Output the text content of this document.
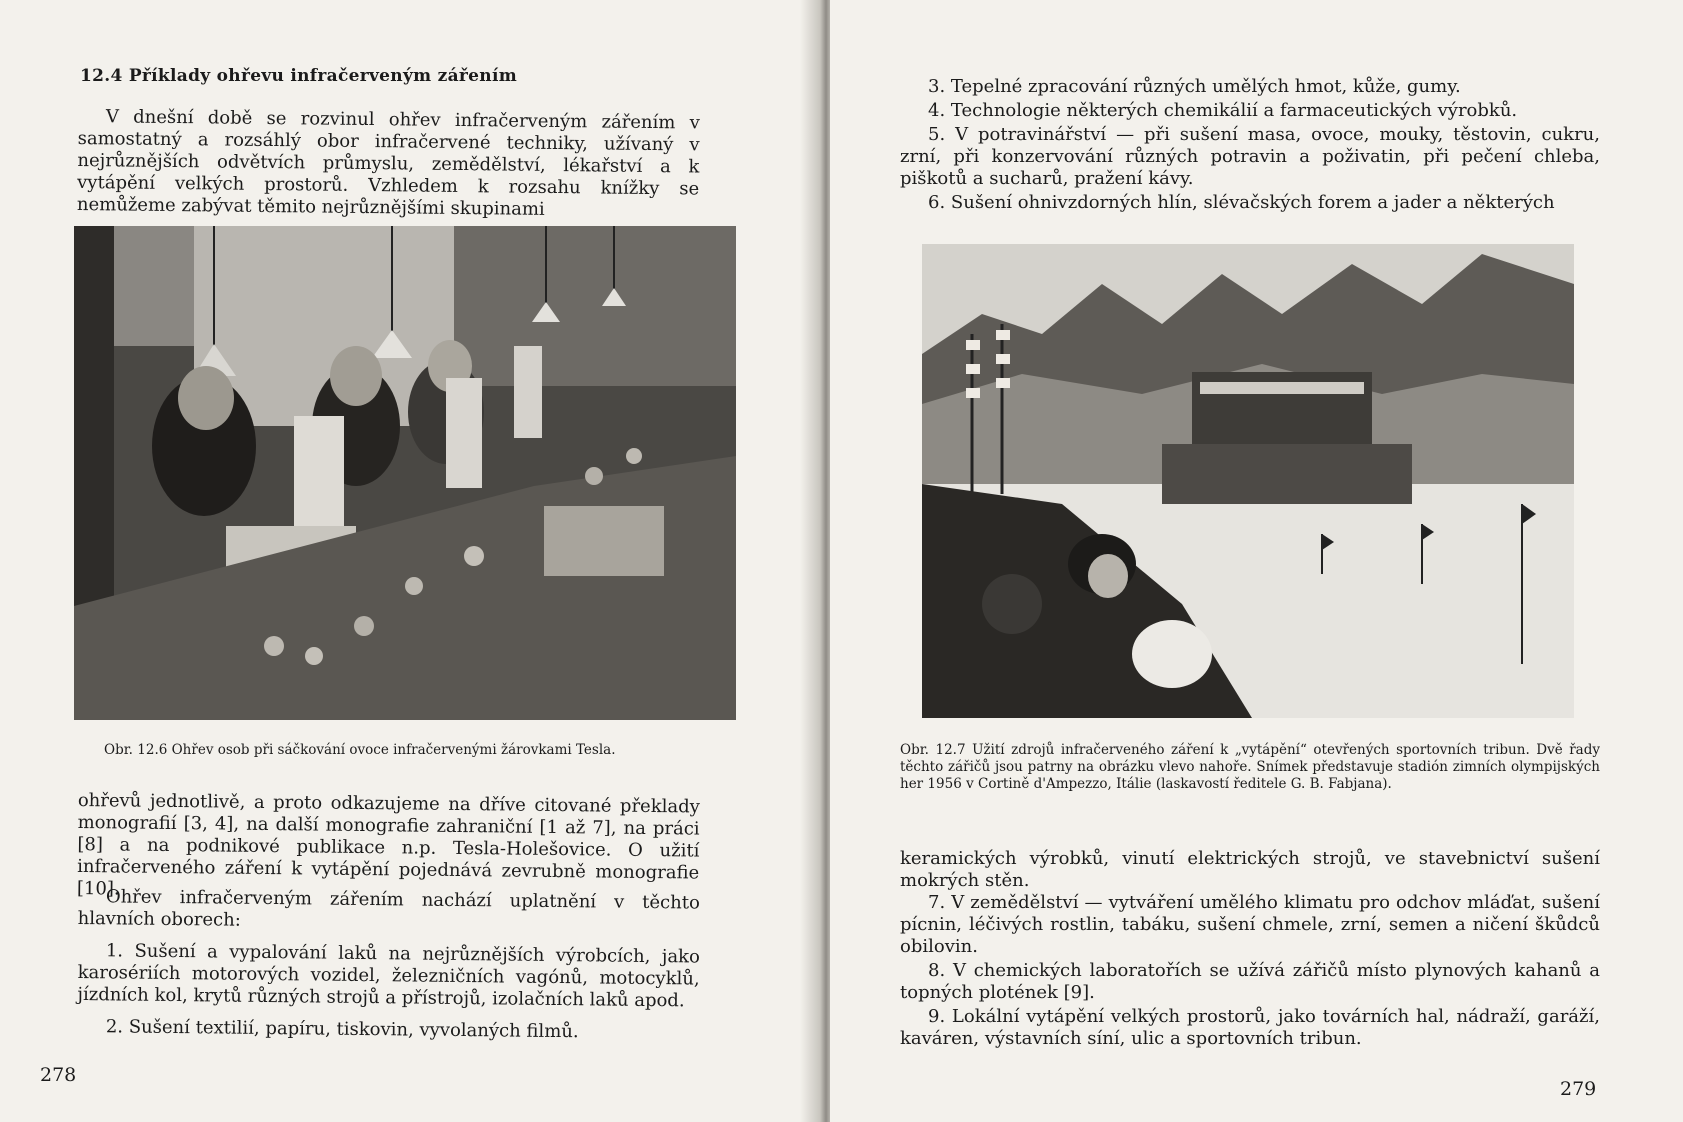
12.4 Příklady ohřevu infračerveným zářením

V dnešní době se rozvinul ohřev infračerveným zářením v samostatný a rozsáhlý obor infračervené techniky, užívaný v nejrůznějších odvětvích průmyslu, zemědělství, lékařství a k vytápění velkých prostorů. Vzhledem k rozsahu knížky se nemůžeme zabývat těmito nejrůznějšími skupinami

Obr. 12.6 Ohřev osob při sáčkování ovoce infračervenými žárovkami Tesla.

ohřevů jednotlivě, a proto odkazujeme na dříve citované překlady monografií [3, 4], na další monografie zahraniční [1 až 7], na práci [8] a na podnikové publikace n.p. Tesla-Holešovice. O užití infračerveného záření k vytápění pojednává zevrubně monografie [10].

Ohřev infračerveným zářením nachází uplatnění v těchto hlavních oborech:

1. Sušení a vypalování laků na nejrůznějších výrobcích, jako karosériích motorových vozidel, železničních vagónů, motocyklů, jízdních kol, krytů různých strojů a přístrojů, izolačních laků apod.

2. Sušení textilií, papíru, tiskovin, vyvolaných filmů.

278

3. Tepelné zpracování různých umělých hmot, kůže, gumy.

4. Technologie některých chemikálií a farmaceutických výrobků.

5. V potravinářství — při sušení masa, ovoce, mouky, těstovin, cukru, zrní, při konzervování různých potravin a poživatin, při pečení chleba, piškotů a sucharů, pražení kávy.

6. Sušení ohnivzdorných hlín, slévačských forem a jader a některých

Obr. 12.7 Užití zdrojů infračerveného záření k „vytápění“ otevřených sportovních tribun. Dvě řady těchto zářičů jsou patrny na obrázku vlevo nahoře. Snímek představuje stadión zimních olympijských her 1956 v Cortině d'Ampezzo, Itálie (laskavostí ředitele G. B. Fabjana).

keramických výrobků, vinutí elektrických strojů, ve stavebnictví sušení mokrých stěn.

7. V zemědělství — vytváření umělého klimatu pro odchov mláďat, sušení pícnin, léčivých rostlin, tabáku, sušení chmele, zrní, semen a ničení škůdců obilovin.

8. V chemických laboratořích se užívá zářičů místo plynových kahanů a topných plotének [9].

9. Lokální vytápění velkých prostorů, jako továrních hal, nádraží, garáží, kaváren, výstavních síní, ulic a sportovních tribun.

279
